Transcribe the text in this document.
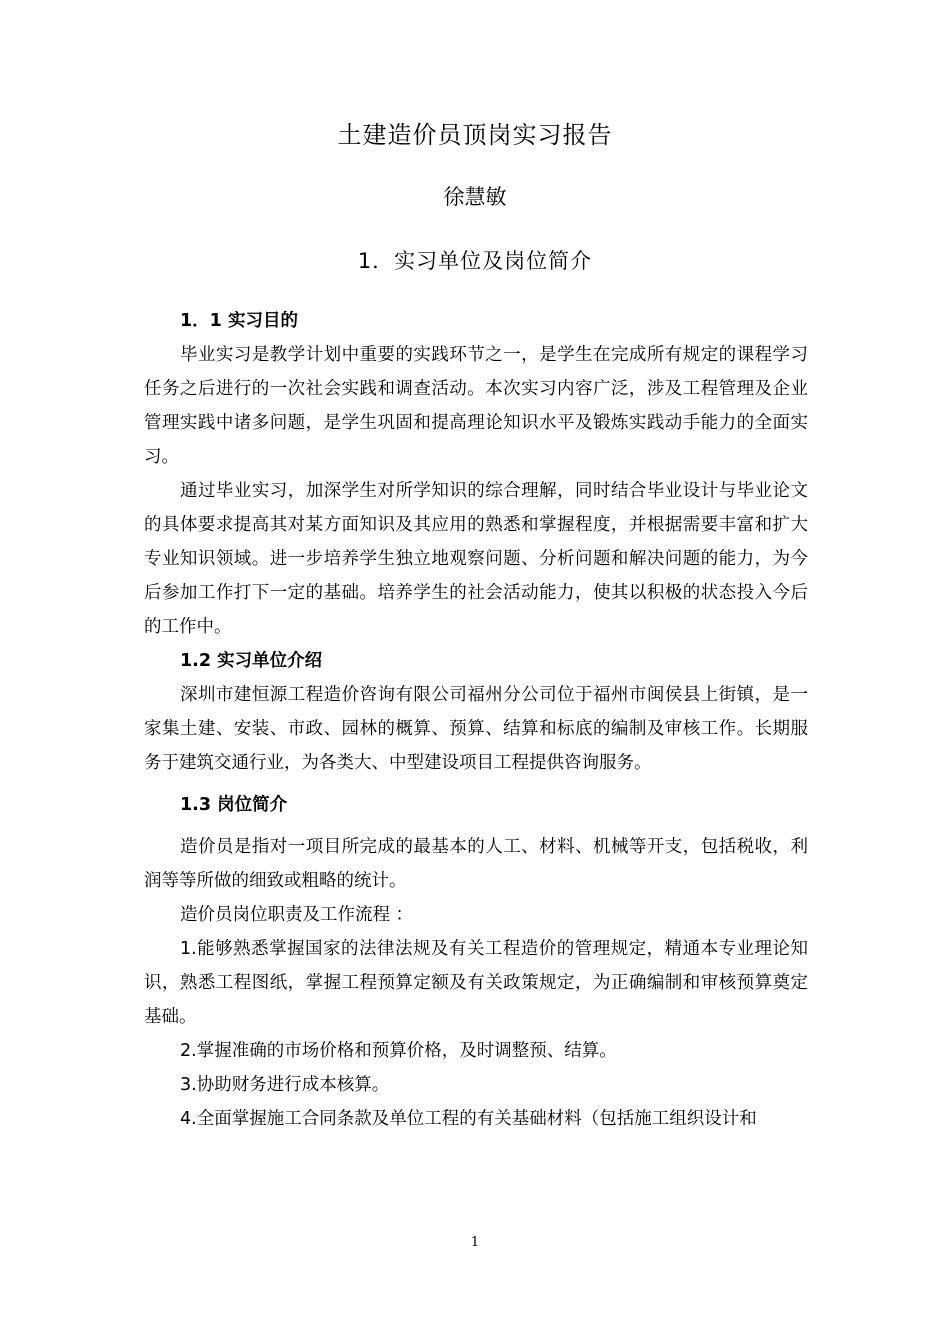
土建造价员顶岗实习报告
徐慧敏
1．实习单位及岗位简介

1．1 实习目的

毕业实习是教学计划中重要的实践环节之一，是学生在完成所有规定的课程学习任务之后进行的一次社会实践和调查活动。本次实习内容广泛，涉及工程管理及企业管理实践中诸多问题，是学生巩固和提高理论知识水平及锻炼实践动手能力的全面实习。

通过毕业实习，加深学生对所学知识的综合理解，同时结合毕业设计与毕业论文的具体要求提高其对某方面知识及其应用的熟悉和掌握程度，并根据需要丰富和扩大专业知识领域。进一步培养学生独立地观察问题、分析问题和解决问题的能力，为今后参加工作打下一定的基础。培养学生的社会活动能力，使其以积极的状态投入今后的工作中。

1.2 实习单位介绍

深圳市建恒源工程造价咨询有限公司福州分公司位于福州市闽侯县上街镇，是一家集土建、安装、市政、园林的概算、预算、结算和标底的编制及审核工作。长期服务于建筑交通行业，为各类大、中型建设项目工程提供咨询服务。

1.3 岗位简介

造价员是指对一项目所完成的最基本的人工、材料、机械等开支，包括税收，利润等等所做的细致或粗略的统计。

造价员岗位职责及工作流程 ：

1.能够熟悉掌握国家的法律法规及有关工程造价的管理规定，精通本专业理论知识，熟悉工程图纸，掌握工程预算定额及有关政策规定，为正确编制和审核预算奠定基础。

2.掌握准确的市场价格和预算价格，及时调整预、结算。

3.协助财务进行成本核算。

4.全面掌握施工合同条款及单位工程的有关基础材料（包括施工组织设计和

1
